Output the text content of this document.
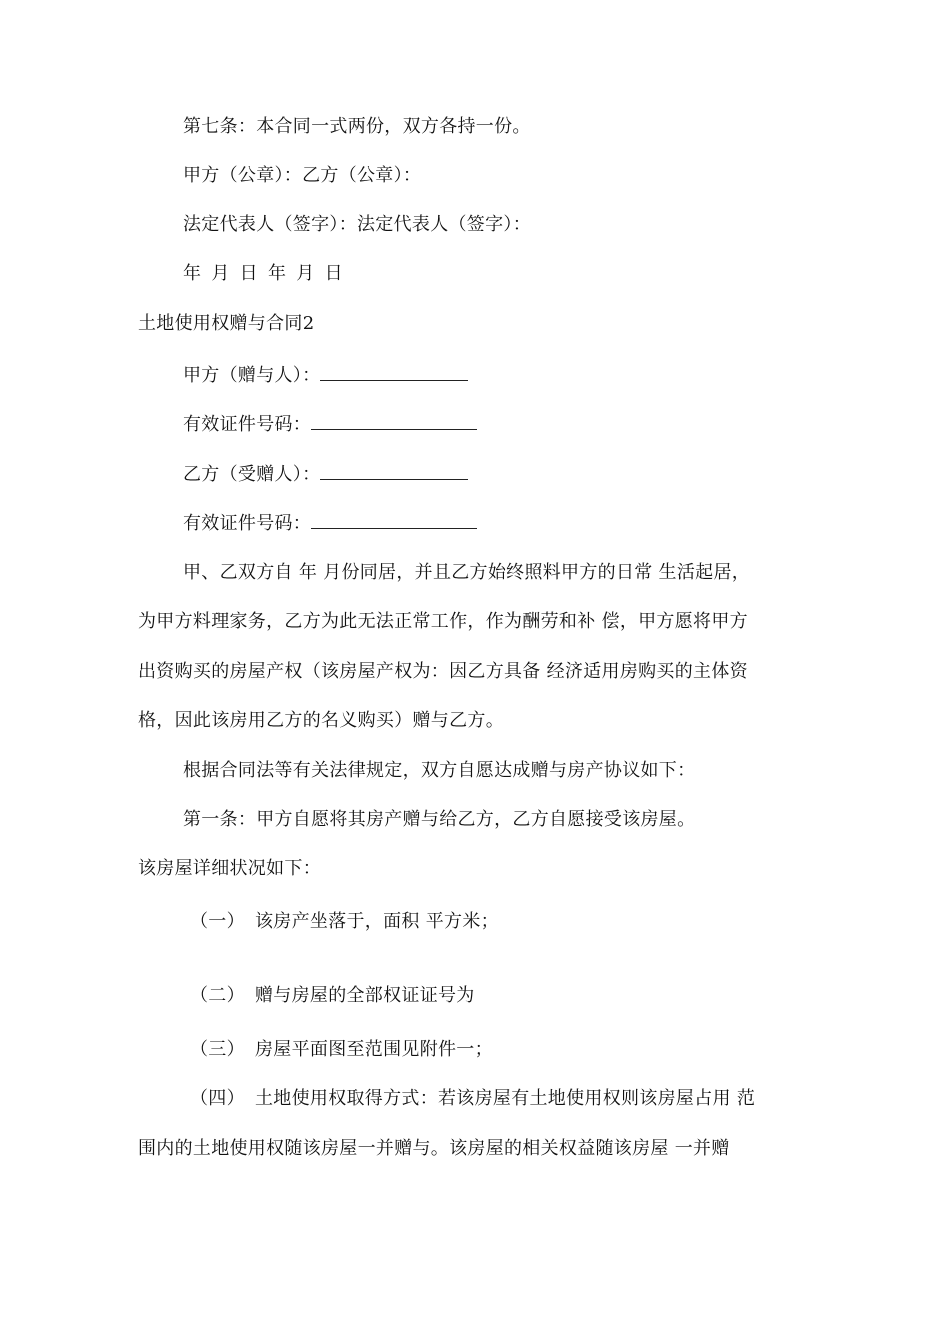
第七条：本合同一式两份，双方各持一份。
甲方（公章）：乙方（公章）：
法定代表人（签字）：法定代表人（签字）：
年 月 日 年 月 日
土地使用权赠与合同2
甲方（赠与人）：
有效证件号码：
乙方（受赠人）：
有效证件号码：
甲、乙双方自 年 月份同居，并且乙方始终照料甲方的日常 生活起居，
为甲方料理家务，乙方为此无法正常工作，作为酬劳和补 偿，甲方愿将甲方
出资购买的房屋产权（该房屋产权为：因乙方具备 经济适用房购买的主体资
格，因此该房用乙方的名义购买）赠与乙方。
根据合同法等有关法律规定，双方自愿达成赠与房产协议如下：
第一条：甲方自愿将其房产赠与给乙方，乙方自愿接受该房屋。
该房屋详细状况如下：
（一） 该房产坐落于，面积 平方米；
（二） 赠与房屋的全部权证证号为
（三） 房屋平面图至范围见附件一；
（四） 土地使用权取得方式：若该房屋有土地使用权则该房屋占用 范
围内的土地使用权随该房屋一并赠与。该房屋的相关权益随该房屋 一并赠
